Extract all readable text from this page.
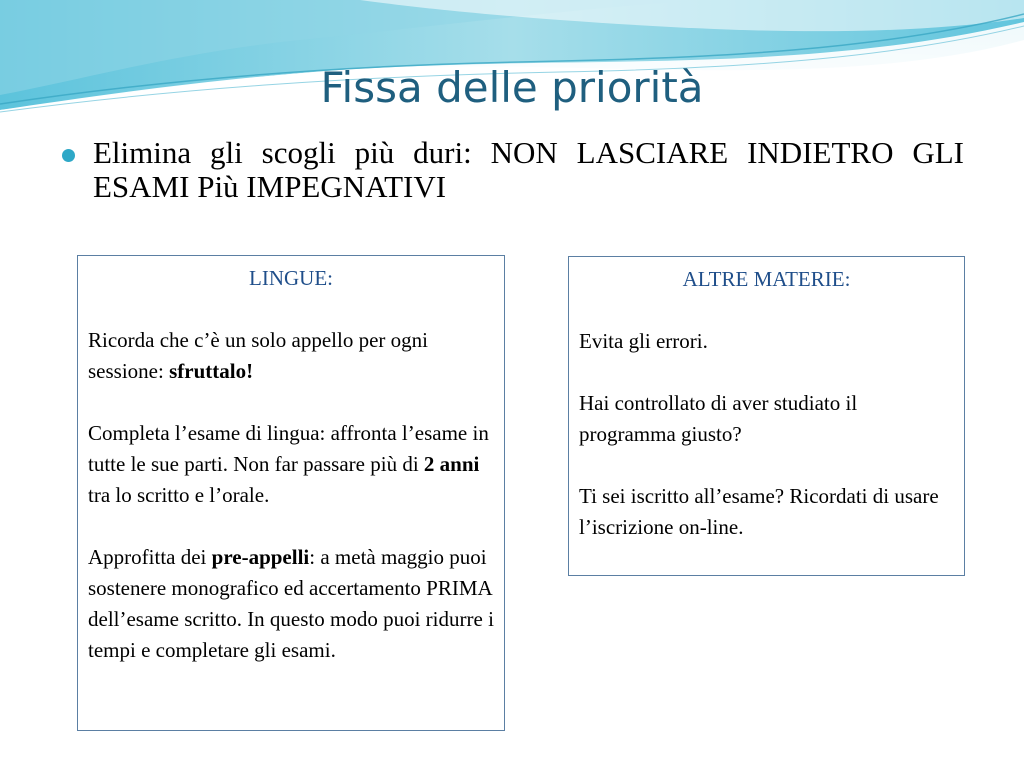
Fissa delle priorità

Elimina gli scogli più duri: NON LASCIARE INDIETRO GLI ESAMI Più IMPEGNATIVI

LINGUE:

Ricorda che c’è un solo appello per ogni sessione: sfruttalo!

Completa l’esame di lingua: affronta l’esame in tutte le sue parti. Non far passare più di 2 anni tra lo scritto e l’orale.

Approfitta dei pre-appelli: a metà maggio puoi sostenere monografico ed accertamento PRIMA dell’esame scritto. In questo modo puoi ridurre i tempi e completare gli esami.

ALTRE MATERIE:

Evita gli errori.

Hai controllato di aver studiato il programma giusto?

Ti sei iscritto all’esame? Ricordati di usare l’iscrizione on-line.
